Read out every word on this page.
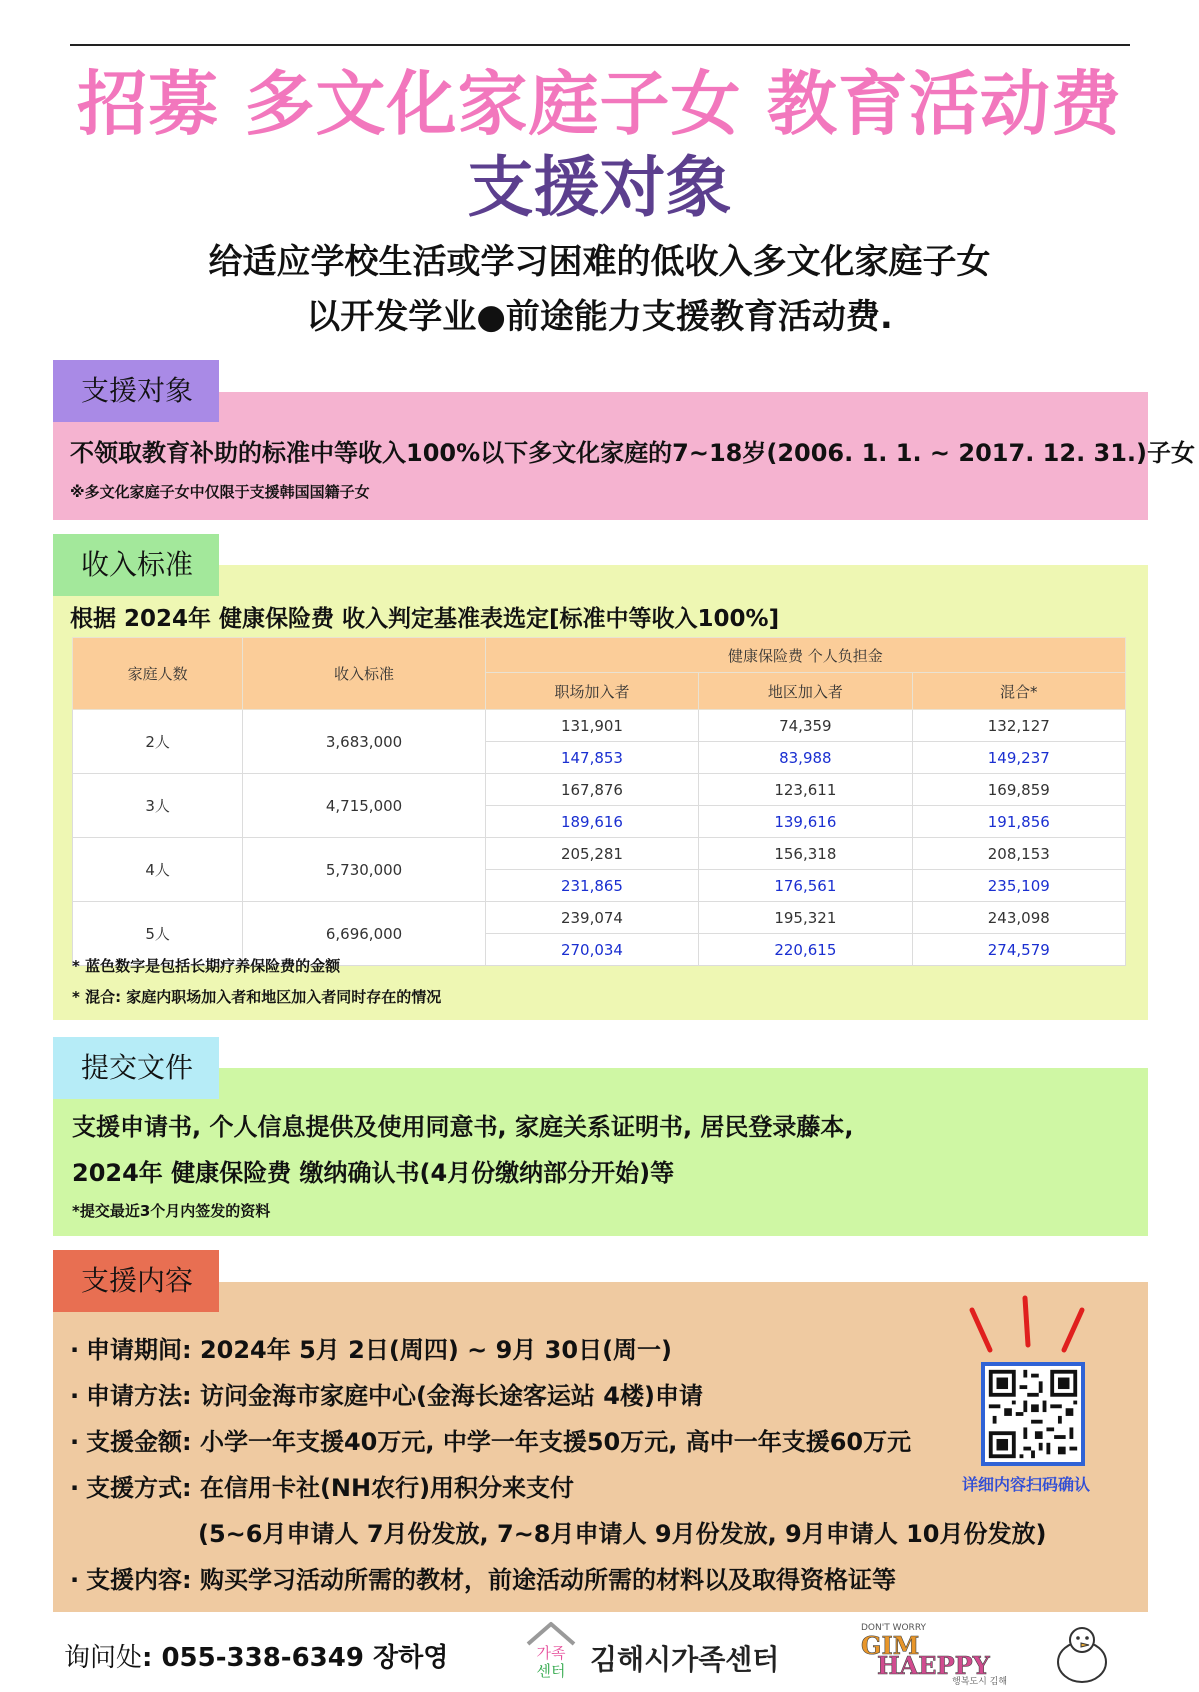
招募 多文化家庭子女 教育活动费
支援对象
给适应学校生活或学习困难的低收入多文化家庭子女
以开发学业●前途能力支援教育活动费.
支援对象
不领取教育补助的标准中等收入100%以下多文化家庭的7~18岁(2006. 1. 1. ~ 2017. 12. 31.)子女
※多文化家庭子女中仅限于支援韩国国籍子女
收入标准
根据 2024年 健康保险费 收入判定基准表选定[标准中等收入100%]
家庭人数	收入标准	健康保险费 个人负担金		
		职场加入者	地区加入者	混合*
2人	3,683,000	131,901	74,359	132,127
		147,853	83,988	149,237
3人	4,715,000	167,876	123,611	169,859
		189,616	139,616	191,856
4人	5,730,000	205,281	156,318	208,153
		231,865	176,561	235,109
5人	6,696,000	239,074	195,321	243,098
		270,034	220,615	274,579
* 蓝色数字是包括长期疗养保险费的金额
* 混合: 家庭内职场加入者和地区加入者同时存在的情况
提交文件
支援申请书, 个人信息提供及使用同意书, 家庭关系证明书, 居民登录藤本,
2024年 健康保险费 缴纳确认书(4月份缴纳部分开始)等
*提交最近3个月内签发的资料
支援内容
· 申请期间: 2024年 5月 2日(周四) ~ 9月 30日(周一)
· 申请方法: 访问金海市家庭中心(金海长途客运站 4楼)申请
· 支援金额: 小学一年支援40万元, 中学一年支援50万元, 高中一年支援60万元
· 支援方式: 在信用卡社(NH农行)用积分来支付
(5~6月申请人 7月份发放, 7~8月申请人 9月份发放, 9月申请人 10月份发放)
· 支援内容: 购买学习活动所需的教材，前途活动所需的材料以及取得资格证等
详细内容扫码确认
询问处: 055-338-6349 장하영	가족
센터 김해시가족센터
DON'T WORRY
GIM
HAEPPY
행복도시 김해
